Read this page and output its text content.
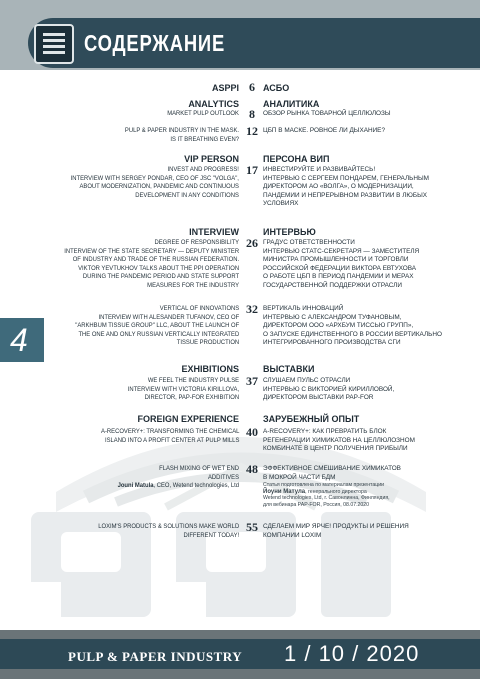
СОДЕРЖАНИЕ
4
ASPPI 6 АСБО
ANALYTICS	АНАЛИТИКА
MARKET PULP OUTLOOK 8	ОБЗОР РЫНКА ТОВАРНОЙ ЦЕЛЛЮЛОЗЫ
PULP & PAPER INDUSTRY IN THE MASK.
IS IT BREATHING EVEN?
12 ЦБП В МАСКЕ. РОВНОЕ ЛИ ДЫХАНИЕ?
VIP PERSON	ПЕРСОНА ВИП
INVEST AND PROGRESS!
INTERVIEW WITH SERGEY PONDAR, CEO OF JSC "VOLGA",
ABOUT MODERNIZATION, PANDEMIC AND CONTINUOUS
DEVELOPMENT IN ANY CONDITIONS
17 ИНВЕСТИРУЙТЕ И РАЗВИВАЙТЕСЬ!
ИНТЕРВЬЮ С СЕРГЕЕМ ПОНДАРЕМ, ГЕНЕРАЛЬНЫМ
ДИРЕКТОРОМ АО «ВОЛГА», О МОДЕРНИЗАЦИИ,
ПАНДЕМИИ И НЕПРЕРЫВНОМ РАЗВИТИИ В ЛЮБЫХ
УСЛОВИЯХ
INTERVIEW	ИНТЕРВЬЮ
DEGREE OF RESPONSIBILITY
INTERVIEW OF THE STATE SECRETARY — DEPUTY MINISTER
OF INDUSTRY AND TRADE OF THE RUSSIAN FEDERATION.
VIKTOR YEVTUKHOV TALKS ABOUT THE PPI OPERATION
DURING THE PANDEMIC PERIOD AND STATE SUPPORT
MEASURES FOR THE INDUSTRY
26 ГРАДУС ОТВЕТСТВЕННОСТИ
ИНТЕРВЬЮ СТАТС-СЕКРЕТАРЯ — ЗАМЕСТИТЕЛЯ
МИНИСТРА ПРОМЫШЛЕННОСТИ И ТОРГОВЛИ
РОССИЙСКОЙ ФЕДЕРАЦИИ ВИКТОРА ЕВТУХОВА
О РАБОТЕ ЦБП В ПЕРИОД ПАНДЕМИИ И МЕРАХ
ГОСУДАРСТВЕННОЙ ПОДДЕРЖКИ ОТРАСЛИ
VERTICAL OF INNOVATIONS
INTERVIEW WITH ALESANDER TUFANOV, CEO OF
"ARKHBUM TISSUE GROUP" LLC, ABOUT THE LAUNCH OF
THE ONE AND ONLY RUSSIAN VERTICALLY INTEGRATED
TISSUE PRODUCTION
32 ВЕРТИКАЛЬ ИННОВАЦИЙ
ИНТЕРВЬЮ С АЛЕКСАНДРОМ ТУФАНОВЫМ,
ДИРЕКТОРОМ ООО «АРХБУМ ТИССЬЮ ГРУПП»,
О ЗАПУСКЕ ЕДИНСТВЕННОГО В РОССИИ ВЕРТИКАЛЬНО
ИНТЕГРИРОВАННОГО ПРОИЗВОДСТВА СГИ
EXHIBITIONS	ВЫСТАВКИ
WE FEEL THE INDUSTRY PULSE
INTERVIEW WITH VICTORIA KIRILLOVA,
DIRECTOR, PAP-FOR EXHIBITION
37 СЛУШАЕМ ПУЛЬС ОТРАСЛИ
ИНТЕРВЬЮ С ВИКТОРИЕЙ КИРИЛЛОВОЙ,
ДИРЕКТОРОМ ВЫСТАВКИ PAP-FOR
FOREIGN EXPERIENCE	ЗАРУБЕЖНЫЙ ОПЫТ
A-RECOVERY+: TRANSFORMING THE CHEMICAL
ISLAND INTO A PROFIT CENTER AT PULP MILLS
40 A-RECOVERY+: КАК ПРЕВРАТИТЬ БЛОК
РЕГЕНЕРАЦИИ ХИМИКАТОВ НА ЦЕЛЛЮЛОЗНОМ
КОМБИНАТЕ В ЦЕНТР ПОЛУЧЕНИЯ ПРИБЫЛИ
FLASH MIXING OF WET END
ADDITIVES
Jouni Matula, CEO, Wetend technologies, Ltd
48 ЭФФЕКТИВНОЕ СМЕШИВАНИЕ ХИМИКАТОВ
В МОКРОЙ ЧАСТИ БДМ
Статья подготовлена по материалам презентации
Йоуни Матула, генерального директора
Wetend technologies, Ltd, г. Савонлинна, Финляндия,
для вебинара PAP-FOR, Россия, 08.07.2020
LOXIM'S PRODUCTS & SOLUTIONS MAKE WORLD
DIFFERENT TODAY!
55 СДЕЛАЕМ МИР ЯРЧЕ! ПРОДУКТЫ И РЕШЕНИЯ
КОМПАНИИ LOXIM
PULP & PAPER INDUSTRY 1 / 10 / 2020
